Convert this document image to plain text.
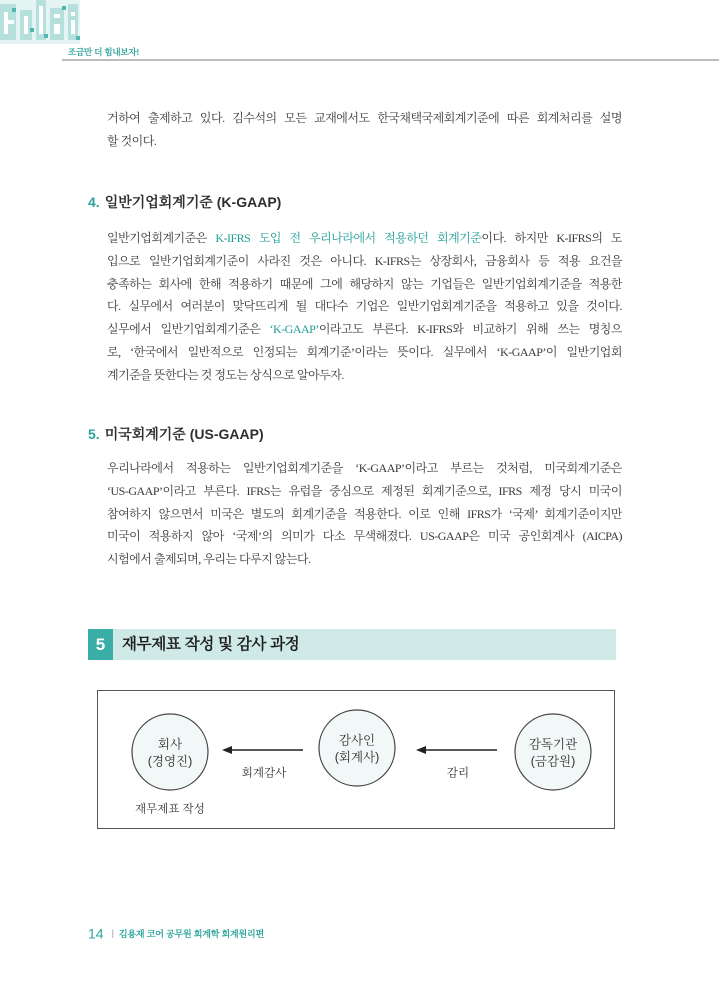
조금만 더 힘내보자!
거하여 출제하고 있다. 김수석의 모든 교재에서도 한국채택국제회계기준에 따른 회계처리를 설명
할 것이다.
4. 일반기업회계기준 (K-GAAP)
일반기업회계기준은 K-IFRS 도입 전 우리나라에서 적용하던 회계기준이다. 하지만 K-IFRS의 도
입으로 일반기업회계기준이 사라진 것은 아니다. K-IFRS는 상장회사, 금융회사 등 적용 요건을
충족하는 회사에 한해 적용하기 때문에 그에 해당하지 않는 기업들은 일반기업회계기준을 적용한
다. 실무에서 여러분이 맞닥뜨리게 될 대다수 기업은 일반기업회계기준을 적용하고 있을 것이다.
실무에서 일반기업회계기준은 ‘K-GAAP’이라고도 부른다. K-IFRS와 비교하기 위해 쓰는 명칭으
로, ‘한국에서 일반적으로 인정되는 회계기준’이라는 뜻이다. 실무에서 ‘K-GAAP’이 일반기업회
계기준을 뜻한다는 것 정도는 상식으로 알아두자.
5. 미국회계기준 (US-GAAP)
우리나라에서 적용하는 일반기업회계기준을 ‘K-GAAP’이라고 부르는 것처럼, 미국회계기준은
‘US-GAAP’이라고 부른다. IFRS는 유럽을 중심으로 제정된 회계기준으로, IFRS 제정 당시 미국이
참여하지 않으면서 미국은 별도의 회계기준을 적용한다. 이로 인해 IFRS가 ‘국제’ 회계기준이지만
미국이 적용하지 않아 ‘국제’의 의미가 다소 무색해졌다. US-GAAP은 미국 공인회계사 (AICPA)
시험에서 출제되며, 우리는 다루지 않는다.
5	재무제표 작성 및 감사 과정
회사
(경영진)
감사인
(회계사)
감독기관
(금감원)
회계감사	감리
재무제표 작성
14 | 김용재 코어 공무원 회계학 회계원리편
